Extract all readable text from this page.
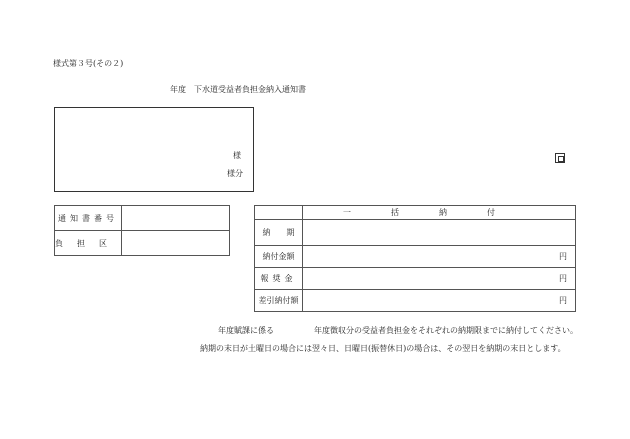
様式第３号(その２)
年度　下水道受益者負担金納入通知書
様
様分
通知書番号	
負担区	
	一括納付
納　　期	
納付金額	円
報奨金	円
差引納付額	円
年度賦課に係る	年度徴収分の受益者負担金をそれぞれの納期限までに納付してください。
納期の末日が土曜日の場合には翌々日、日曜日(振替休日)の場合は、その翌日を納期の末日とします。
